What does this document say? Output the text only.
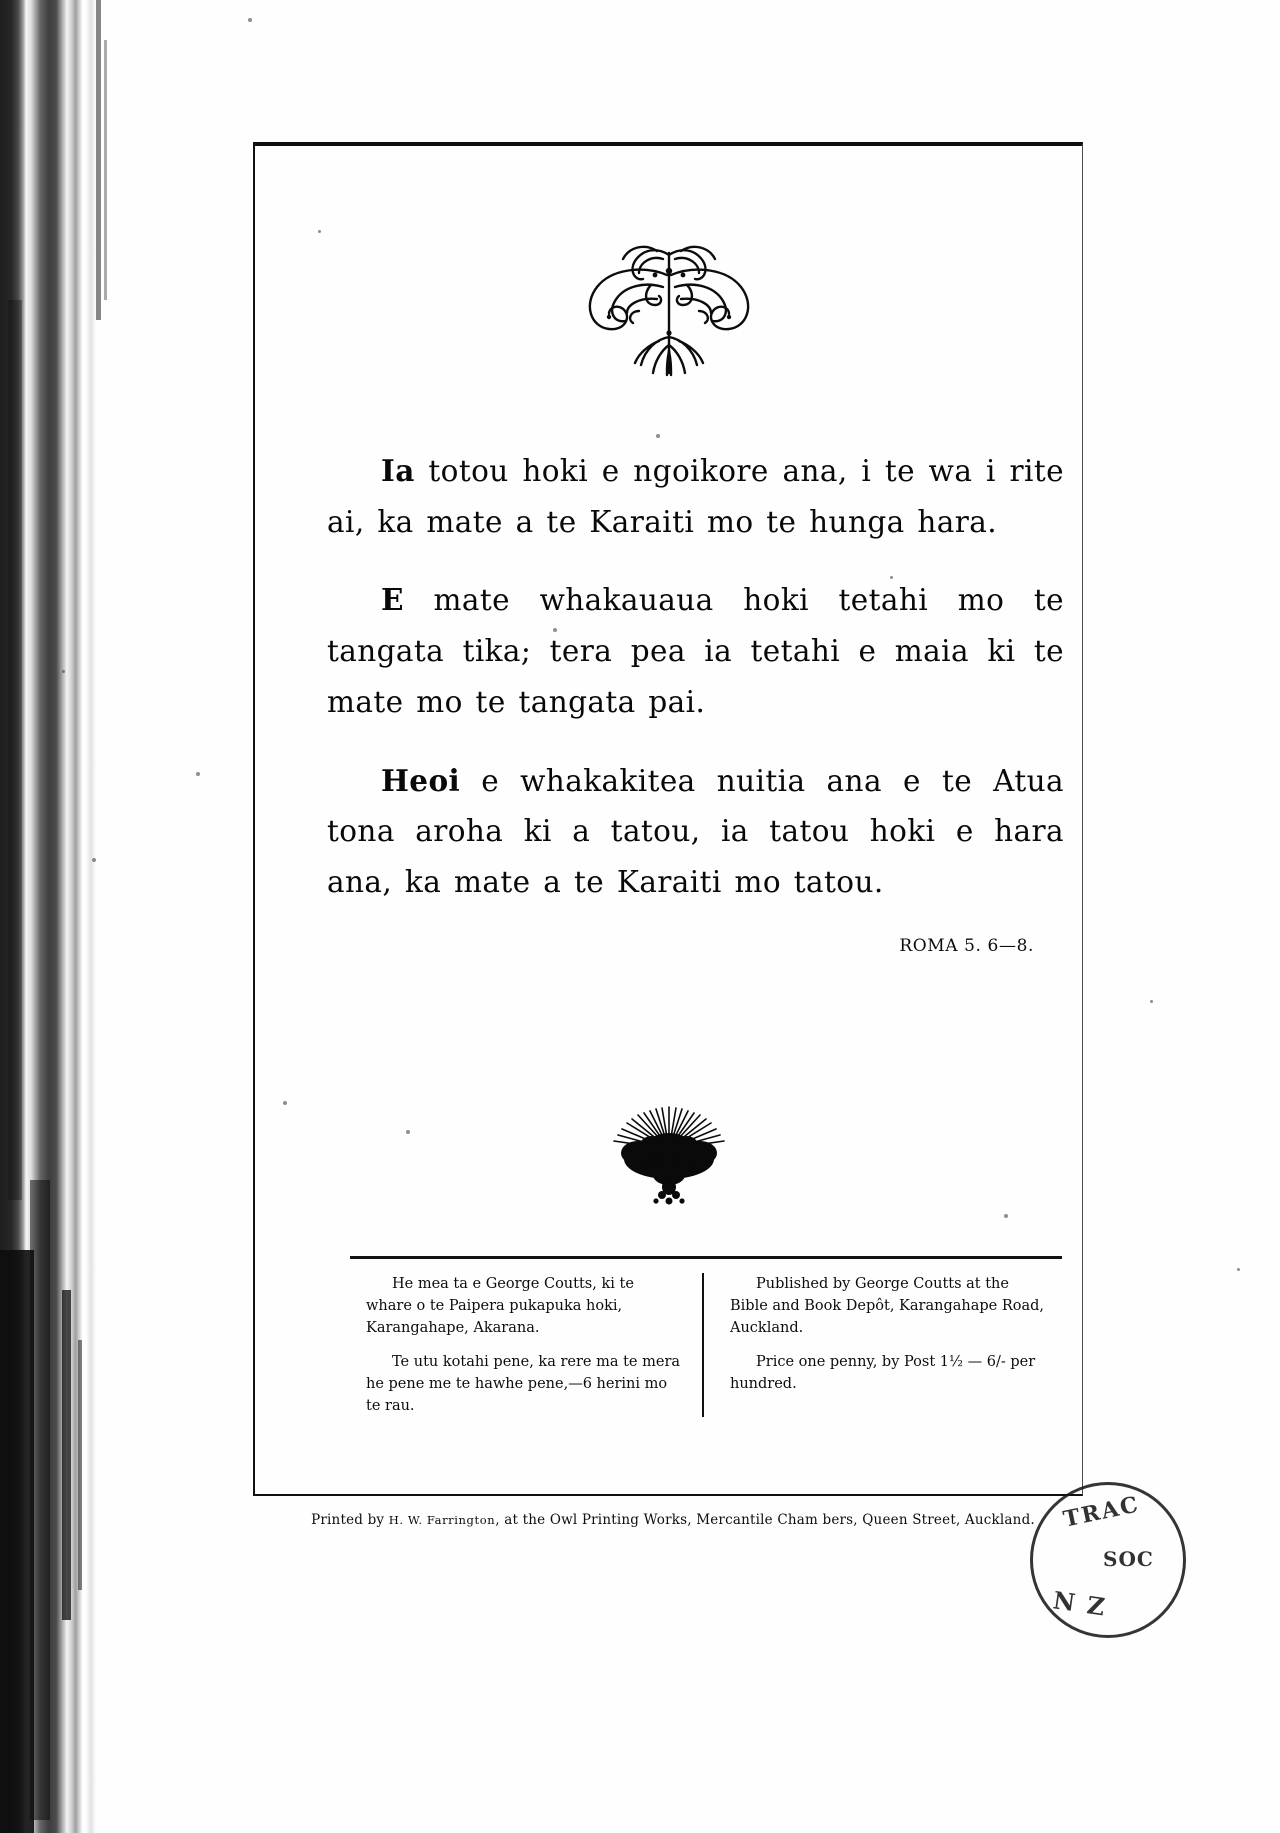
Ia totou hoki e ngoikore ana, i te wa i rite ai, ka mate a te Karaiti mo te hunga hara.

E mate whakauaua hoki tetahi mo te tangata tika; tera pea ia tetahi e maia ki te mate mo te tangata pai.

Heoi e whakakitea nuitia ana e te Atua tona aroha ki a tatou, ia tatou hoki e hara ana, ka mate a te Karaiti mo tatou.

ROMA 5. 6—8.

He mea ta e George Coutts, ki te whare o te Paipera pukapuka hoki, Karangahape, Akarana.

Te utu kotahi pene, ka rere ma te mera he pene me te hawhe pene,—6 herini mo te rau.

Published by George Coutts at the Bible and Book Depôt, Karangahape Road, Auckland.

Price one penny, by Post 1½ — 6/- per hundred.

Printed by H. W. Farrington, at the Owl Printing Works, Mercantile Cham bers, Queen Street, Auckland.	TRAC
SOC
N Z
